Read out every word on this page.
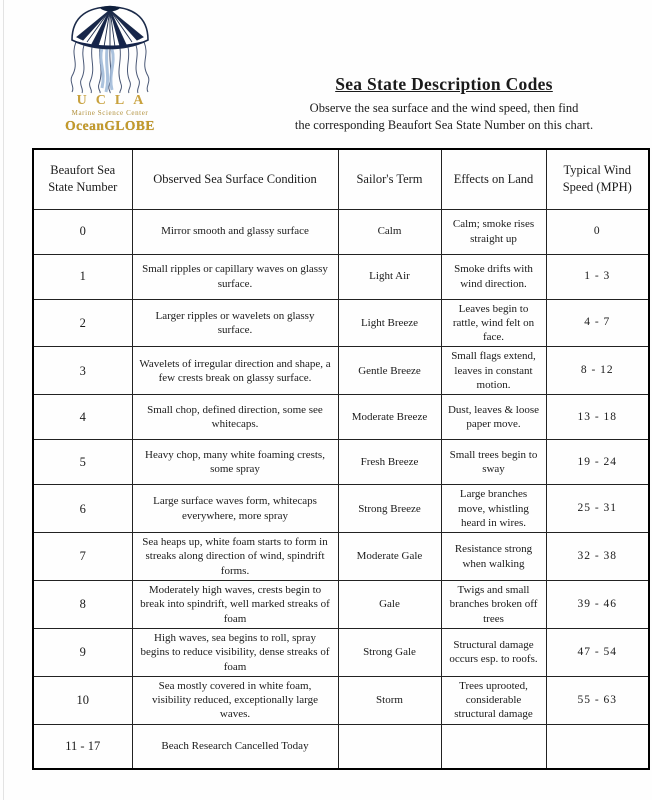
UCLA
Marine Science Center
OceanGLOBE
Sea State Description Codes

Observe the sea surface and the wind speed, then find
the corresponding Beaufort Sea State Number on this chart.

Beaufort Sea State Number	Observed Sea Surface Condition	Sailor's Term	Effects on Land	Typical Wind Speed (MPH)
0	Mirror smooth and glassy surface	Calm	Calm; smoke rises straight up	0
1	Small ripples or capillary waves on glassy surface.	Light Air	Smoke drifts with wind direction.	1 - 3
2	Larger ripples or wavelets on glassy surface.	Light Breeze	Leaves begin to rattle, wind felt on face.	4 - 7
3	Wavelets of irregular direction and shape, a few crests break on glassy surface.	Gentle Breeze	Small flags extend, leaves in constant motion.	8 - 12
4	Small chop, defined direction, some see whitecaps.	Moderate Breeze	Dust, leaves & loose paper move.	13 - 18
5	Heavy chop, many white foaming crests, some spray	Fresh Breeze	Small trees begin to sway	19 - 24
6	Large surface waves form, whitecaps everywhere, more spray	Strong Breeze	Large branches move, whistling heard in wires.	25 - 31
7	Sea heaps up, white foam starts to form in streaks along direction of wind, spindrift forms.	Moderate Gale	Resistance strong when walking	32 - 38
8	Moderately high waves, crests begin to break into spindrift, well marked streaks of foam	Gale	Twigs and small branches broken off trees	39 - 46
9	High waves, sea begins to roll, spray begins to reduce visibility, dense streaks of foam	Strong Gale	Structural damage occurs esp. to roofs.	47 - 54
10	Sea mostly covered in white foam, visibility reduced, exceptionally large waves.	Storm	Trees uprooted, considerable structural damage	55 - 63
11 - 17	Beach Research Cancelled Today			
